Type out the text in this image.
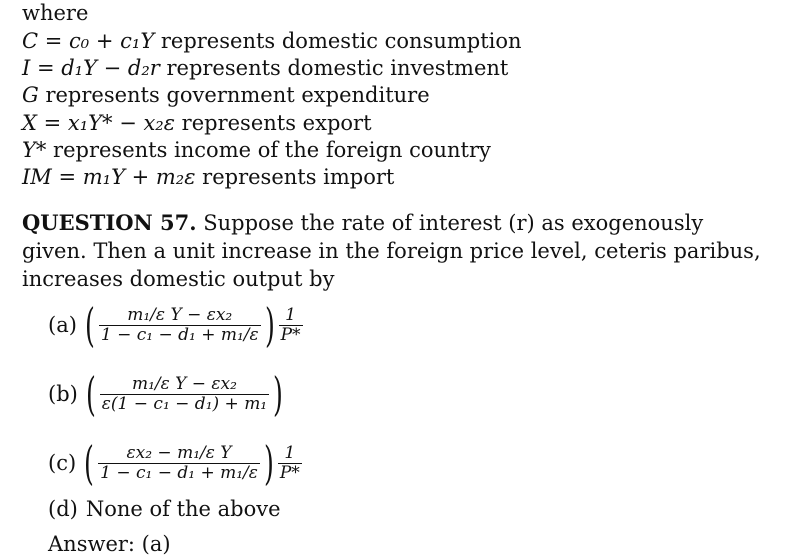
where
C = c₀ + c₁Y represents domestic consumption
I = d₁Y − d₂r represents domestic investment
G represents government expenditure
X = x₁Y* − x₂ε represents export
Y* represents income of the foreign country
IM = m₁Y + m₂ε represents import
QUESTION 57. Suppose the rate of interest (r) as exogenously given. Then a unit increase in the foreign price level, ceteris paribus, increases domestic output by
(a) ( $\frac{\text{m₁/ε Y − εx₂}}{\text{1 − c₁ − d₁ + m₁/ε}}$ ) $\frac{1}{P*}$
(b) ( $\frac{\text{m₁/ε Y − εx₂}}{\text{ε(1 − c₁ − d₁) + m₁}}$ )
(c) ( $\frac{\text{εx₂ − m₁/ε Y}}{\text{1 − c₁ − d₁ + m₁/ε}}$ ) $\frac{1}{P*}$
(d) None of the above
Answer: (a)
